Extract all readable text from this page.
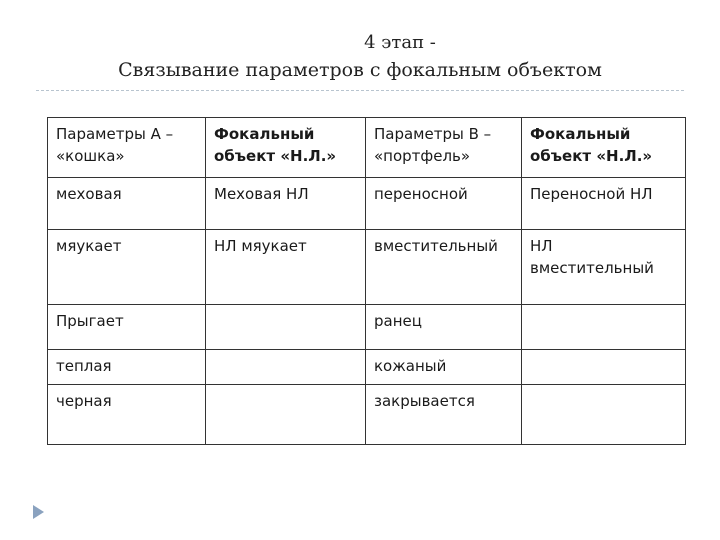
4 этап -
Связывание параметров с фокальным объектом
Параметры А – «кошка»	Фокальный объект «Н.Л.»	Параметры В – «портфель»	Фокальный объект «Н.Л.»
меховая	Меховая НЛ	переносной	Переносной НЛ
мяукает	НЛ мяукает	вместительный	НЛ вместительный
Прыгает		ранец	
теплая		кожаный	
черная		закрывается	
